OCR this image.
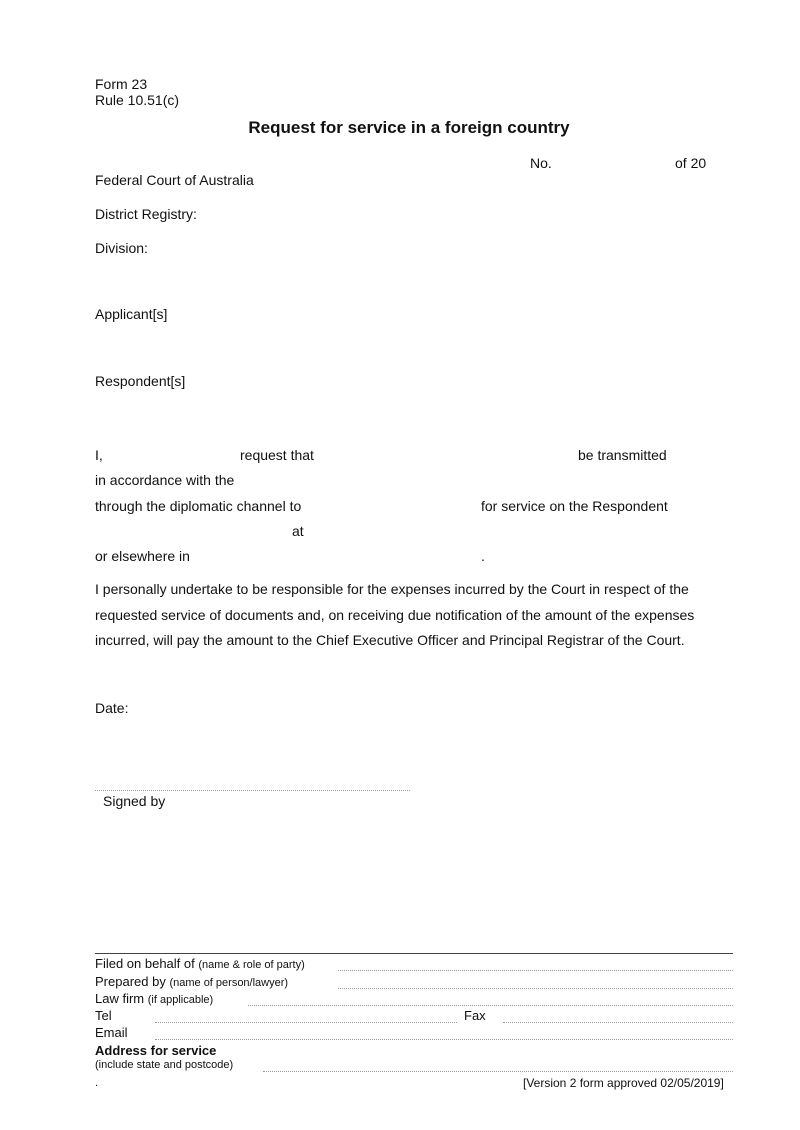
Form 23
Rule 10.51(c)
Request for service in a foreign country
No.	of 20
Federal Court of Australia
District Registry:
Division:
Applicant[s]
Respondent[s]
I,	request that	be transmitted
in accordance with the
through the diplomatic channel to	for service on the Respondent
at
or elsewhere in	.
I personally undertake to be responsible for the expenses incurred by the Court in respect of the requested service of documents and, on receiving due notification of the amount of the expenses incurred, will pay the amount to the Chief Executive Officer and Principal Registrar of the Court.
Date:
Signed by
Filed on behalf of (name & role of party)
Prepared by (name of person/lawyer)
Law firm (if applicable)
Tel	Fax
Email
Address for service
(include state and postcode)
.	[Version 2 form approved 02/05/2019]
